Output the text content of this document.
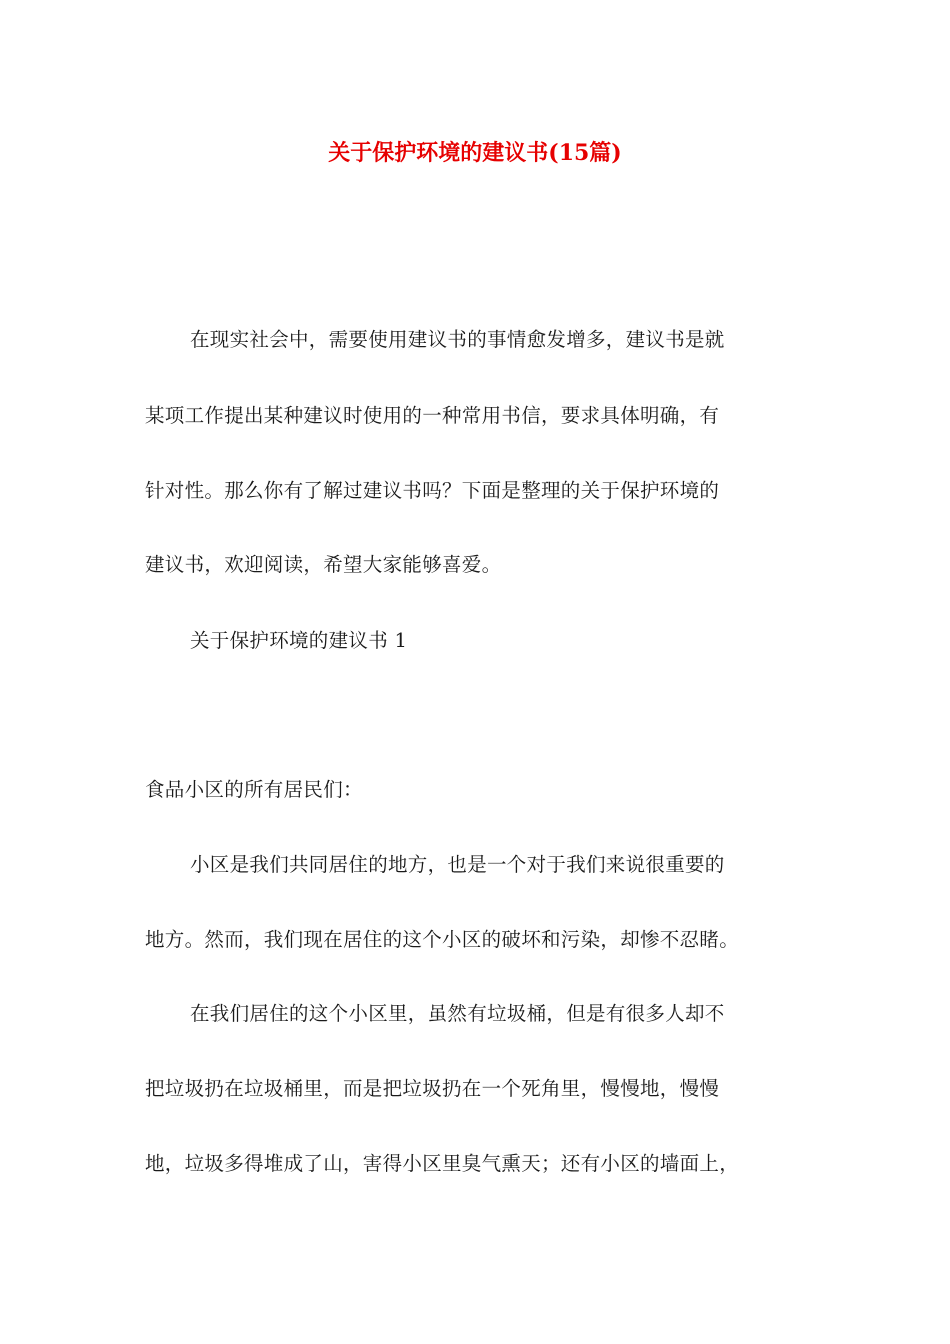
关于保护环境的建议书(15篇)
在现实社会中，需要使用建议书的事情愈发增多，建议书是就
某项工作提出某种建议时使用的一种常用书信，要求具体明确，有
针对性。那么你有了解过建议书吗？下面是整理的关于保护环境的
建议书，欢迎阅读，希望大家能够喜爱。
关于保护环境的建议书 1
食品小区的所有居民们：
小区是我们共同居住的地方，也是一个对于我们来说很重要的
地方。然而，我们现在居住的这个小区的破坏和污染，却惨不忍睹。
在我们居住的这个小区里，虽然有垃圾桶，但是有很多人却不
把垃圾扔在垃圾桶里，而是把垃圾扔在一个死角里，慢慢地，慢慢
地，垃圾多得堆成了山，害得小区里臭气熏天；还有小区的墙面上，
